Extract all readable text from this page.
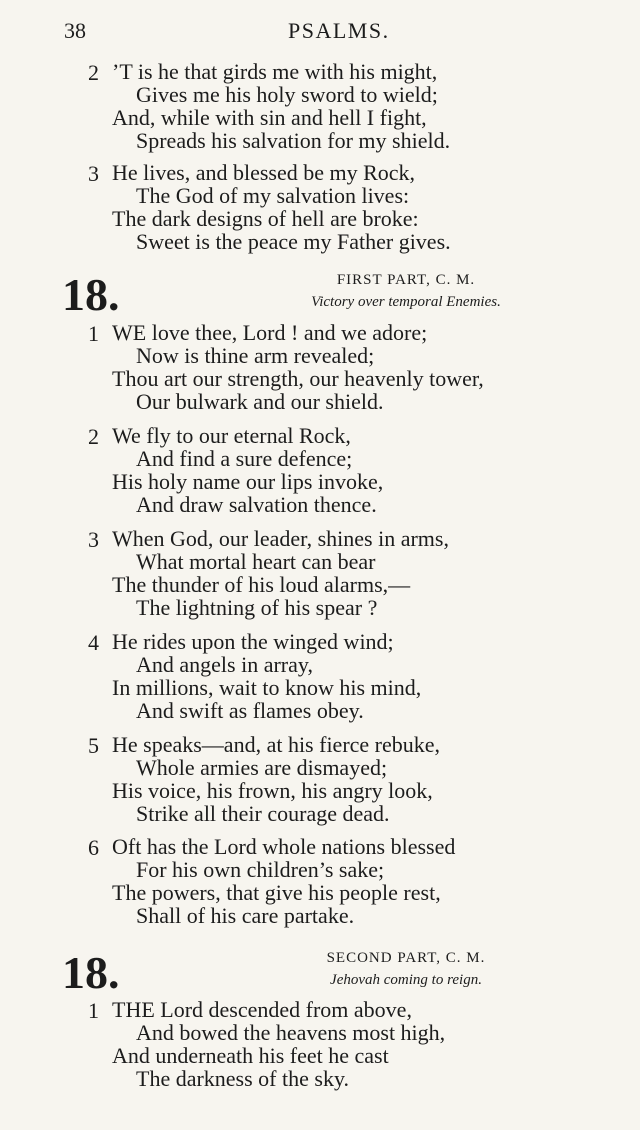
38	PSALMS.
2 ’T is he that girds me with his might,
Gives me his holy sword to wield;
And, while with sin and hell I fight,
Spreads his salvation for my shield.
3 He lives, and blessed be my Rock,
The God of my salvation lives:
The dark designs of hell are broke:
Sweet is the peace my Father gives.
18.	FIRST PART, C. M.
Victory over temporal Enemies.
1 WE love thee, Lord ! and we adore;
Now is thine arm revealed;
Thou art our strength, our heavenly tower,
Our bulwark and our shield.
2 We fly to our eternal Rock,
And find a sure defence;
His holy name our lips invoke,
And draw salvation thence.
3 When God, our leader, shines in arms,
What mortal heart can bear
The thunder of his loud alarms,—
The lightning of his spear ?
4 He rides upon the winged wind;
And angels in array,
In millions, wait to know his mind,
And swift as flames obey.
5 He speaks—and, at his fierce rebuke,
Whole armies are dismayed;
His voice, his frown, his angry look,
Strike all their courage dead.
6 Oft has the Lord whole nations blessed
For his own children’s sake;
The powers, that give his people rest,
Shall of his care partake.
18.	SECOND PART, C. M.
Jehovah coming to reign.
1 THE Lord descended from above,
And bowed the heavens most high,
And underneath his feet he cast
The darkness of the sky.
